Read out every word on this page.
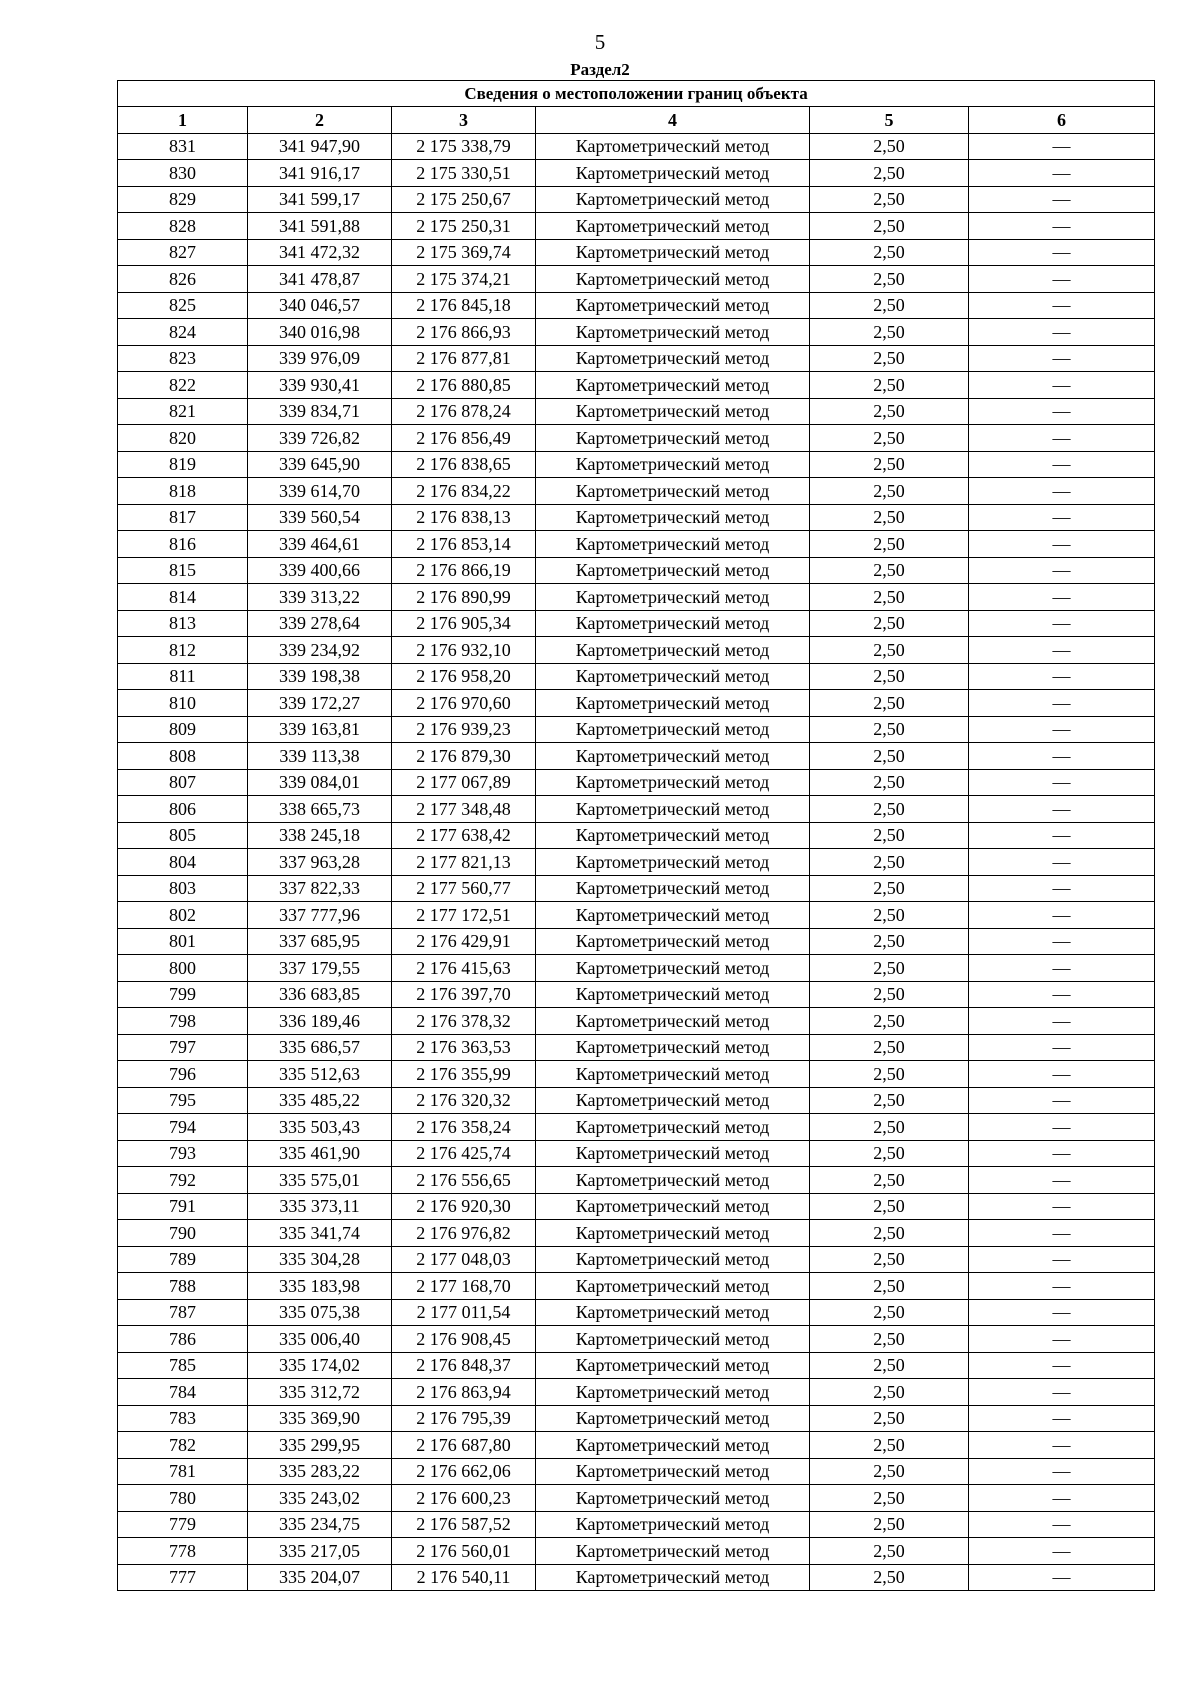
5
Раздел2
Сведения о местоположении границ объекта					
1	2	3	4	5	6
831	341 947,90	2 175 338,79	Картометрический метод	2,50	—
830	341 916,17	2 175 330,51	Картометрический метод	2,50	—
829	341 599,17	2 175 250,67	Картометрический метод	2,50	—
828	341 591,88	2 175 250,31	Картометрический метод	2,50	—
827	341 472,32	2 175 369,74	Картометрический метод	2,50	—
826	341 478,87	2 175 374,21	Картометрический метод	2,50	—
825	340 046,57	2 176 845,18	Картометрический метод	2,50	—
824	340 016,98	2 176 866,93	Картометрический метод	2,50	—
823	339 976,09	2 176 877,81	Картометрический метод	2,50	—
822	339 930,41	2 176 880,85	Картометрический метод	2,50	—
821	339 834,71	2 176 878,24	Картометрический метод	2,50	—
820	339 726,82	2 176 856,49	Картометрический метод	2,50	—
819	339 645,90	2 176 838,65	Картометрический метод	2,50	—
818	339 614,70	2 176 834,22	Картометрический метод	2,50	—
817	339 560,54	2 176 838,13	Картометрический метод	2,50	—
816	339 464,61	2 176 853,14	Картометрический метод	2,50	—
815	339 400,66	2 176 866,19	Картометрический метод	2,50	—
814	339 313,22	2 176 890,99	Картометрический метод	2,50	—
813	339 278,64	2 176 905,34	Картометрический метод	2,50	—
812	339 234,92	2 176 932,10	Картометрический метод	2,50	—
811	339 198,38	2 176 958,20	Картометрический метод	2,50	—
810	339 172,27	2 176 970,60	Картометрический метод	2,50	—
809	339 163,81	2 176 939,23	Картометрический метод	2,50	—
808	339 113,38	2 176 879,30	Картометрический метод	2,50	—
807	339 084,01	2 177 067,89	Картометрический метод	2,50	—
806	338 665,73	2 177 348,48	Картометрический метод	2,50	—
805	338 245,18	2 177 638,42	Картометрический метод	2,50	—
804	337 963,28	2 177 821,13	Картометрический метод	2,50	—
803	337 822,33	2 177 560,77	Картометрический метод	2,50	—
802	337 777,96	2 177 172,51	Картометрический метод	2,50	—
801	337 685,95	2 176 429,91	Картометрический метод	2,50	—
800	337 179,55	2 176 415,63	Картометрический метод	2,50	—
799	336 683,85	2 176 397,70	Картометрический метод	2,50	—
798	336 189,46	2 176 378,32	Картометрический метод	2,50	—
797	335 686,57	2 176 363,53	Картометрический метод	2,50	—
796	335 512,63	2 176 355,99	Картометрический метод	2,50	—
795	335 485,22	2 176 320,32	Картометрический метод	2,50	—
794	335 503,43	2 176 358,24	Картометрический метод	2,50	—
793	335 461,90	2 176 425,74	Картометрический метод	2,50	—
792	335 575,01	2 176 556,65	Картометрический метод	2,50	—
791	335 373,11	2 176 920,30	Картометрический метод	2,50	—
790	335 341,74	2 176 976,82	Картометрический метод	2,50	—
789	335 304,28	2 177 048,03	Картометрический метод	2,50	—
788	335 183,98	2 177 168,70	Картометрический метод	2,50	—
787	335 075,38	2 177 011,54	Картометрический метод	2,50	—
786	335 006,40	2 176 908,45	Картометрический метод	2,50	—
785	335 174,02	2 176 848,37	Картометрический метод	2,50	—
784	335 312,72	2 176 863,94	Картометрический метод	2,50	—
783	335 369,90	2 176 795,39	Картометрический метод	2,50	—
782	335 299,95	2 176 687,80	Картометрический метод	2,50	—
781	335 283,22	2 176 662,06	Картометрический метод	2,50	—
780	335 243,02	2 176 600,23	Картометрический метод	2,50	—
779	335 234,75	2 176 587,52	Картометрический метод	2,50	—
778	335 217,05	2 176 560,01	Картометрический метод	2,50	—
777	335 204,07	2 176 540,11	Картометрический метод	2,50	—
